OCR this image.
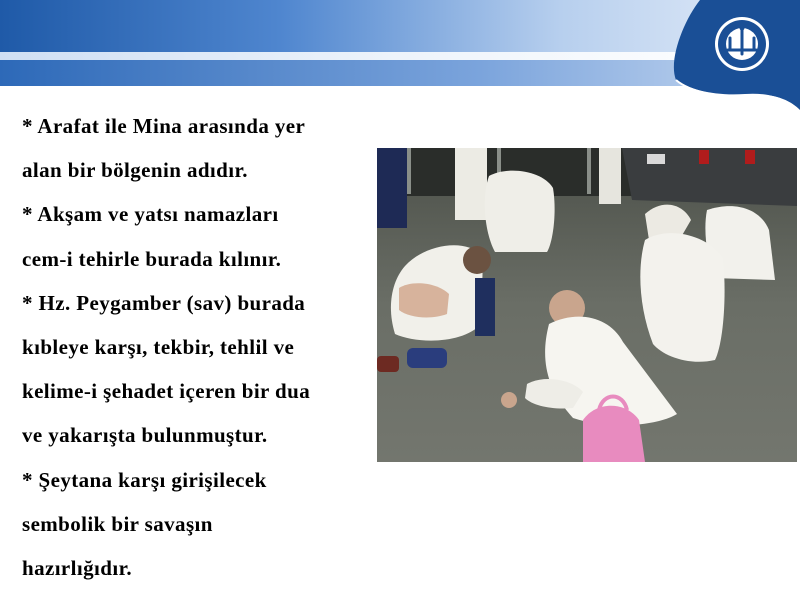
* Arafat ile Mina arasında yer
alan bir bölgenin adıdır.
* Akşam ve yatsı namazları
cem-i tehirle burada kılınır.
* Hz. Peygamber (sav) burada
kıbleye karşı, tekbir, tehlil ve
kelime-i şehadet içeren bir dua
ve yakarışta bulunmuştur.
* Şeytana karşı girişilecek
sembolik bir savaşın
hazırlığıdır.
